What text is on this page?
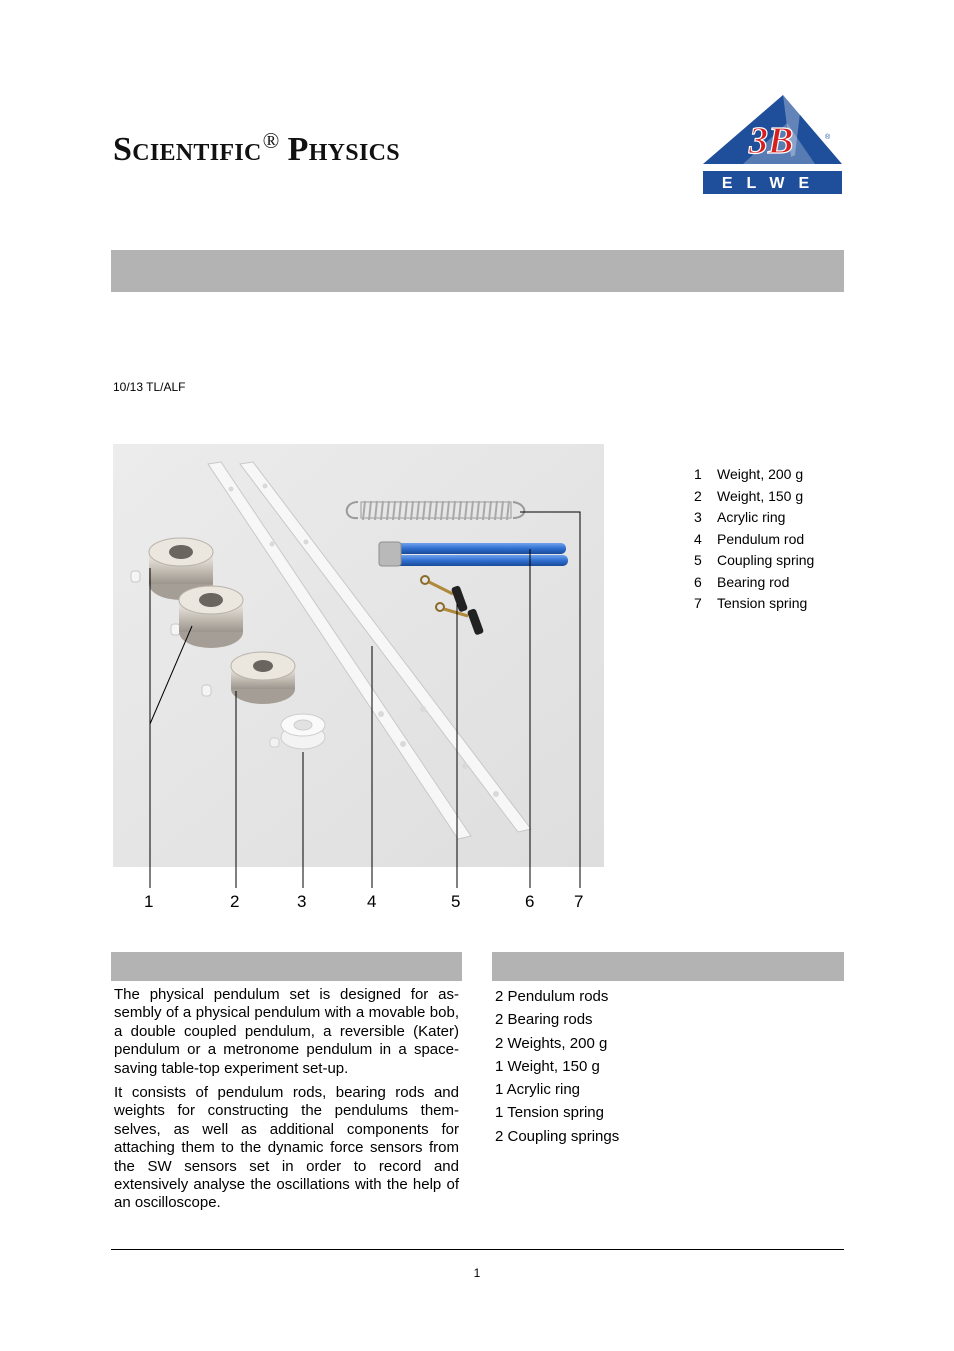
Scientific® Physics	3B	®
ELWE
10/13 TL/ALF
1	2	3	4	5	6 7
1	Weight, 200 g
2	Weight, 150 g
3	Acrylic ring
4	Pendulum rod
5	Coupling spring
6	Bearing rod
7	Tension spring

The physical pendulum set is designed for as-sembly of a physical pendulum with a movable bob, a double coupled pendulum, a reversible (Kater) pendulum or a metronome pendulum in a space-saving table-top experiment set-up.

It consists of pendulum rods, bearing rods and weights for constructing the pendulums them-selves, as well as additional components for attaching them to the dynamic force sensors from the SW sensors set in order to record and extensively analyse the oscillations with the help of an oscilloscope.

2 Pendulum rods
2 Bearing rods
2 Weights, 200 g
1 Weight, 150 g
1 Acrylic ring
1 Tension spring
2 Coupling springs
1
